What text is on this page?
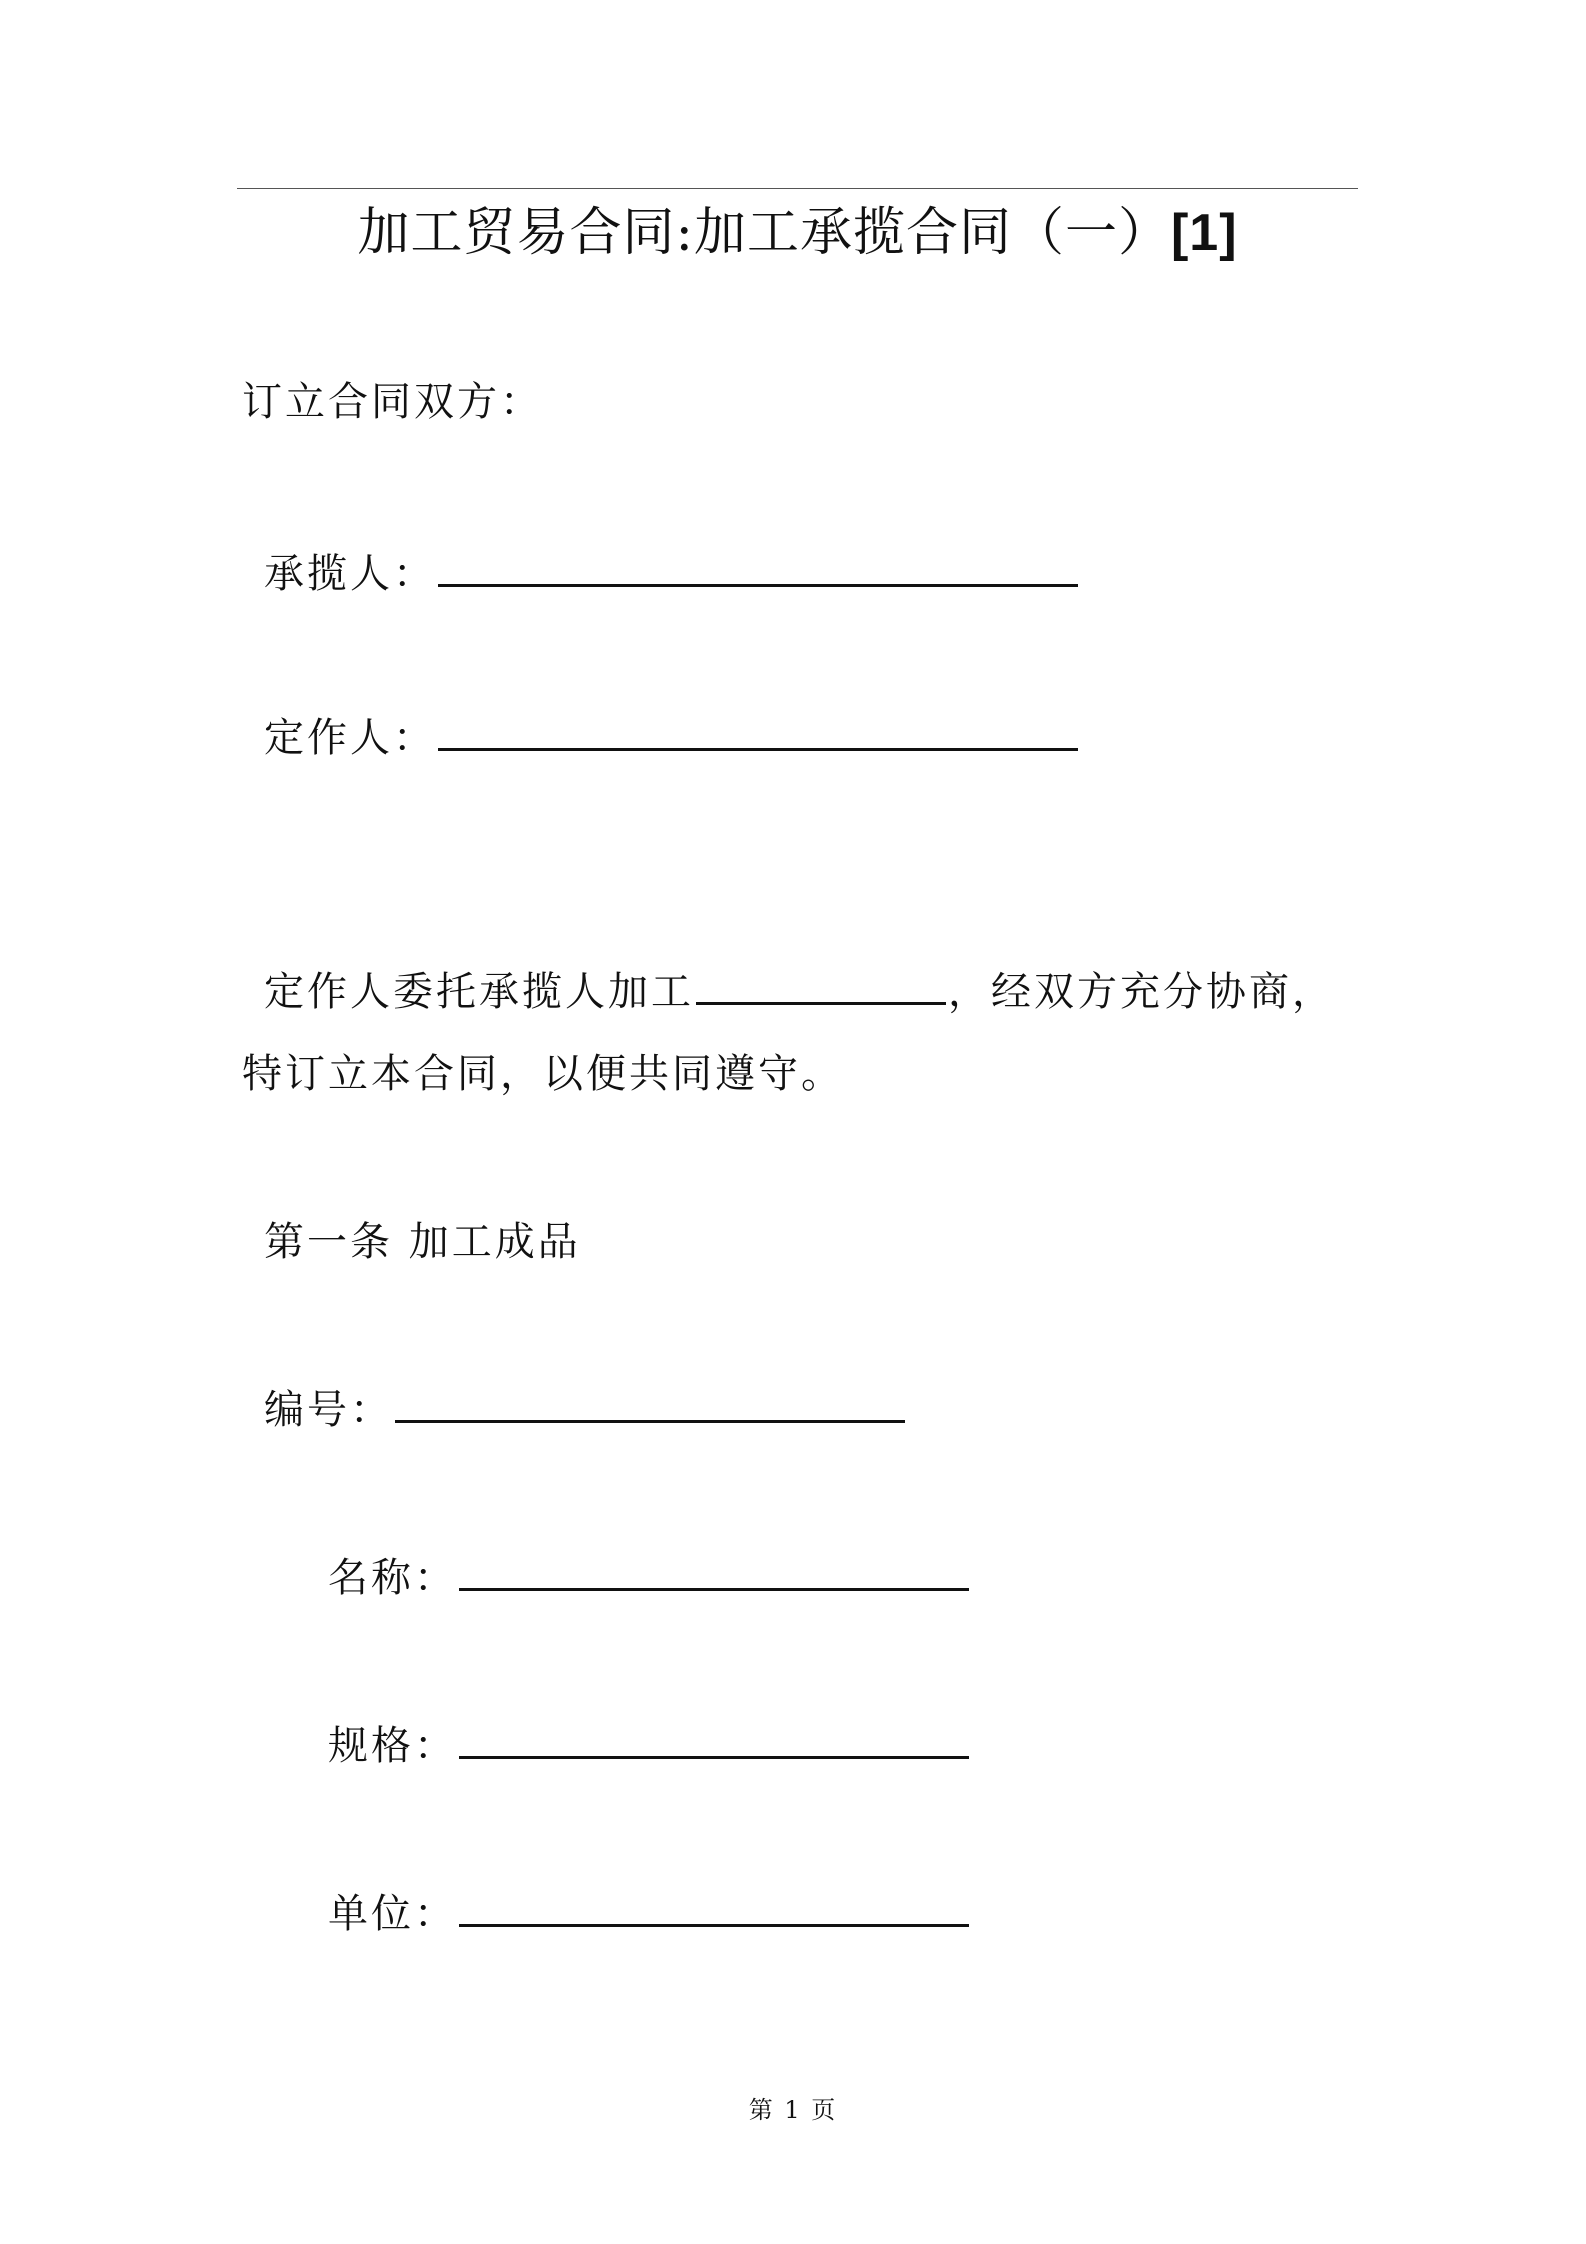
加工贸易合同:加工承揽合同（一）[1]
订立合同双方：
承揽人：
定作人：
定作人委托承揽人加工	，经双方充分协商，
特订立本合同，以便共同遵守。
第一条 加工成品
编号：
名称：
规格：
单位：
第 1 页
